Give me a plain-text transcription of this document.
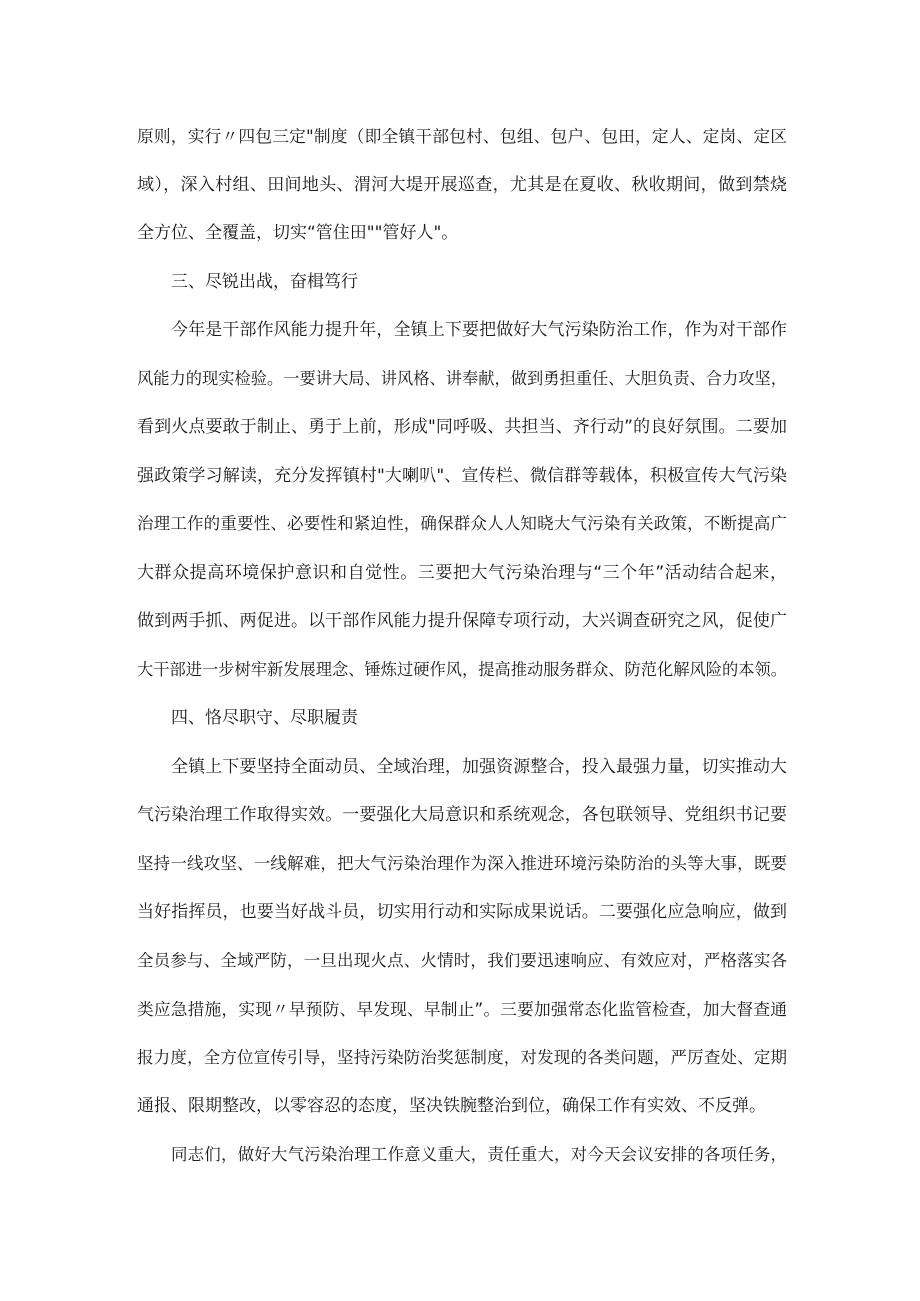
原则，实行〃四包三定"制度（即全镇干部包村、包组、包户、包田，定人、定岗、定区
域），深入村组、田间地头、渭河大堤开展巡查，尤其是在夏收、秋收期间，做到禁烧
全方位、全覆盖，切实“管住田""管好人"。
三、尽锐出战，奋楫笃行
今年是干部作风能力提升年，全镇上下要把做好大气污染防治工作，作为对干部作
风能力的现实检验。一要讲大局、讲风格、讲奉献，做到勇担重任、大胆负责、合力攻坚，
看到火点要敢于制止、勇于上前，形成"同呼吸、共担当、齐行动”的良好氛围。二要加
强政策学习解读，充分发挥镇村"大喇叭"、宣传栏、微信群等载体，积极宣传大气污染
治理工作的重要性、必要性和紧迫性，确保群众人人知晓大气污染有关政策，不断提高广
大群众提高环境保护意识和自觉性。三要把大气污染治理与“三个年”活动结合起来，
做到两手抓、两促进。以干部作风能力提升保障专项行动，大兴调查研究之风，促使广
大干部进一步树牢新发展理念、锤炼过硬作风，提高推动服务群众、防范化解风险的本领。
四、恪尽职守、尽职履责
全镇上下要坚持全面动员、全域治理，加强资源整合，投入最强力量，切实推动大
气污染治理工作取得实效。一要强化大局意识和系统观念，各包联领导、党组织书记要
坚持一线攻坚、一线解难，把大气污染治理作为深入推进环境污染防治的头等大事，既要
当好指挥员，也要当好战斗员，切实用行动和实际成果说话。二要强化应急响应，做到
全员参与、全域严防，一旦出现火点、火情时，我们要迅速响应、有效应对，严格落实各
类应急措施，实现〃早预防、早发现、早制止”。三要加强常态化监管检查，加大督查通
报力度，全方位宣传引导，坚持污染防治奖惩制度，对发现的各类问题，严厉查处、定期
通报、限期整改，以零容忍的态度，坚决铁腕整治到位，确保工作有实效、不反弹。
同志们，做好大气污染治理工作意义重大，责任重大，对今天会议安排的各项任务，
